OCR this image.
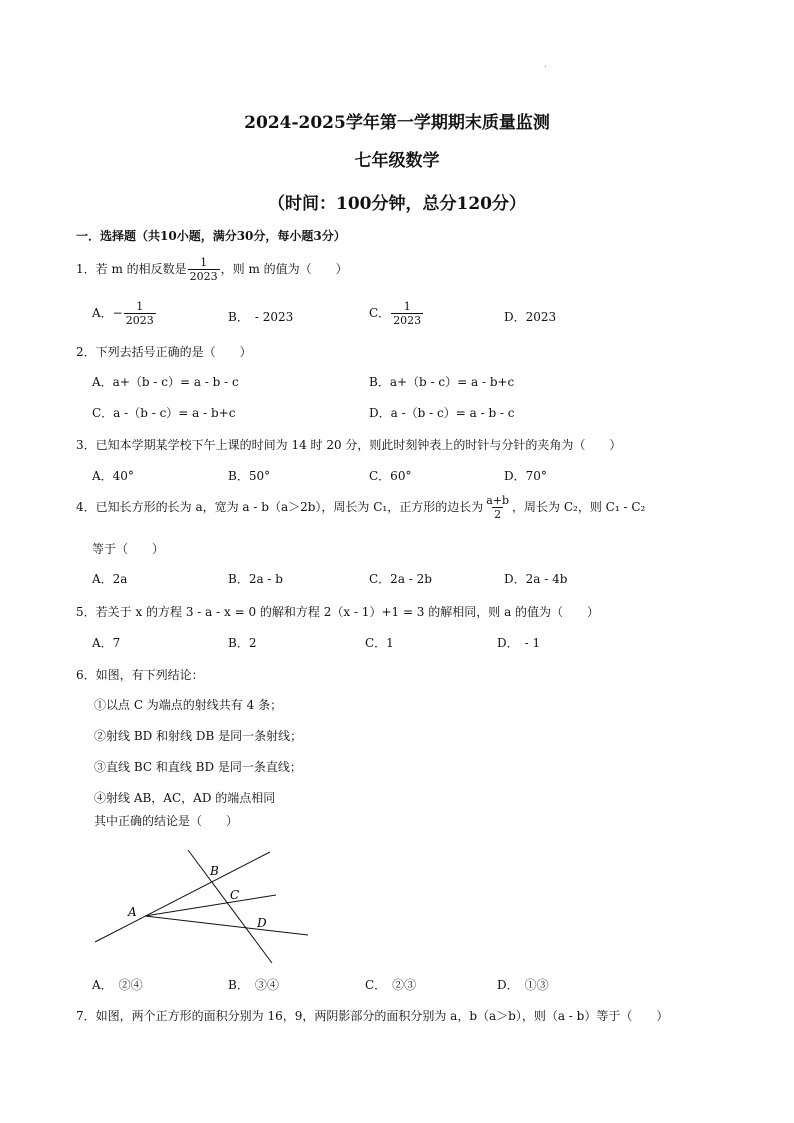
2024-2025学年第一学期期末质量监测
七年级数学
（时间：100分钟，总分120分）
一．选择题（共10小题，满分30分，每小题3分）
1．若 m 的相反数是 $\frac{1}{2023}$ ，则 m 的值为（　　）
A．− $\frac{1}{2023}$	B．　- 2023	C． $\frac{1}{2023}$	D．2023
2．下列去括号正确的是（　　）
A．a+（b - c）= a - b - c	B．a+（b - c）= a - b+c
C．a -（b - c）= a - b+c	D．a -（b - c）= a - b - c
3．已知本学期某学校下午上课的时间为 14 时 20 分，则此时刻钟表上的时针与分针的夹角为（　　）
A．40°	B．50°	C．60°	D．70°
4．已知长方形的长为 a，宽为 a - b（a＞2b），周长为 C₁，正方形的边长为 $\frac{a+b}{2}$ ，周长为 C₂，则 C₁ - C₂
等于（　　）
A．2a	B．2a - b	C．2a - 2b	D．2a - 4b
5．若关于 x 的方程 3 - a - x = 0 的解和方程 2（x - 1）+1 = 3 的解相同，则 a 的值为（　　）
A．7	B．2	C．1	D．　- 1
6．如图，有下列结论：
①以点 C 为端点的射线共有 4 条；
②射线 BD 和射线 DB 是同一条射线；
③直线 BC 和直线 BD 是同一条直线；
④射线 AB，AC，AD 的端点相同
其中正确的结论是（　　）
A
B
C
D
A．　②④	B．　③④	C．　②③	D．　①③
7．如图，两个正方形的面积分别为 16，9，两阴影部分的面积分别为 a，b（a＞b），则（a - b）等于（　　）
